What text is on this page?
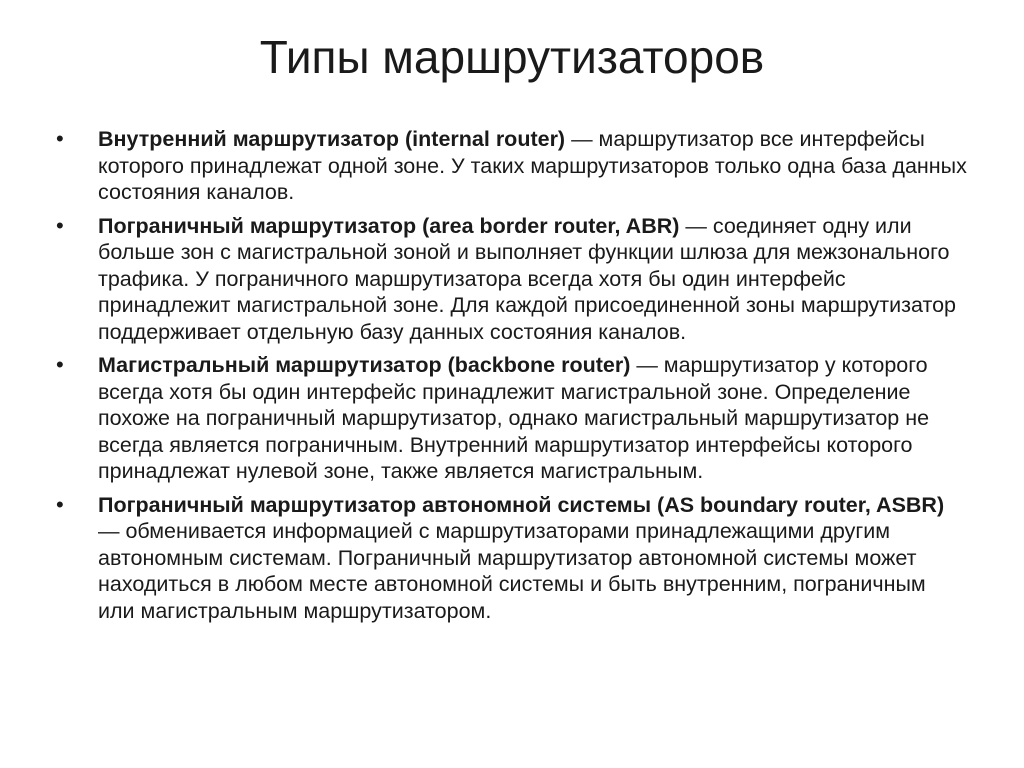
Типы маршрутизаторов
•	Внутренний маршрутизатор (internal router) — маршрутизатор все интерфейсы которого принадлежат одной зоне. У таких маршрутизаторов только одна база данных состояния каналов.
•	Пограничный маршрутизатор (area border router, ABR) — соединяет одну или больше зон с магистральной зоной и выполняет функции шлюза для межзонального трафика. У пограничного маршрутизатора всегда хотя бы один интерфейс принадлежит магистральной зоне. Для каждой присоединенной зоны маршрутизатор поддерживает отдельную базу данных состояния каналов.
•	Магистральный маршрутизатор (backbone router) — маршрутизатор у которого всегда хотя бы один интерфейс принадлежит магистральной зоне. Определение похоже на пограничный маршрутизатор, однако магистральный маршрутизатор не всегда является пограничным. Внутренний маршрутизатор интерфейсы которого принадлежат нулевой зоне, также является магистральным.
•	Пограничный маршрутизатор автономной системы (AS boundary router, ASBR) — обменивается информацией с маршрутизаторами принадлежащими другим автономным системам. Пограничный маршрутизатор автономной системы может находиться в любом месте автономной системы и быть внутренним, пограничным или магистральным маршрутизатором.
